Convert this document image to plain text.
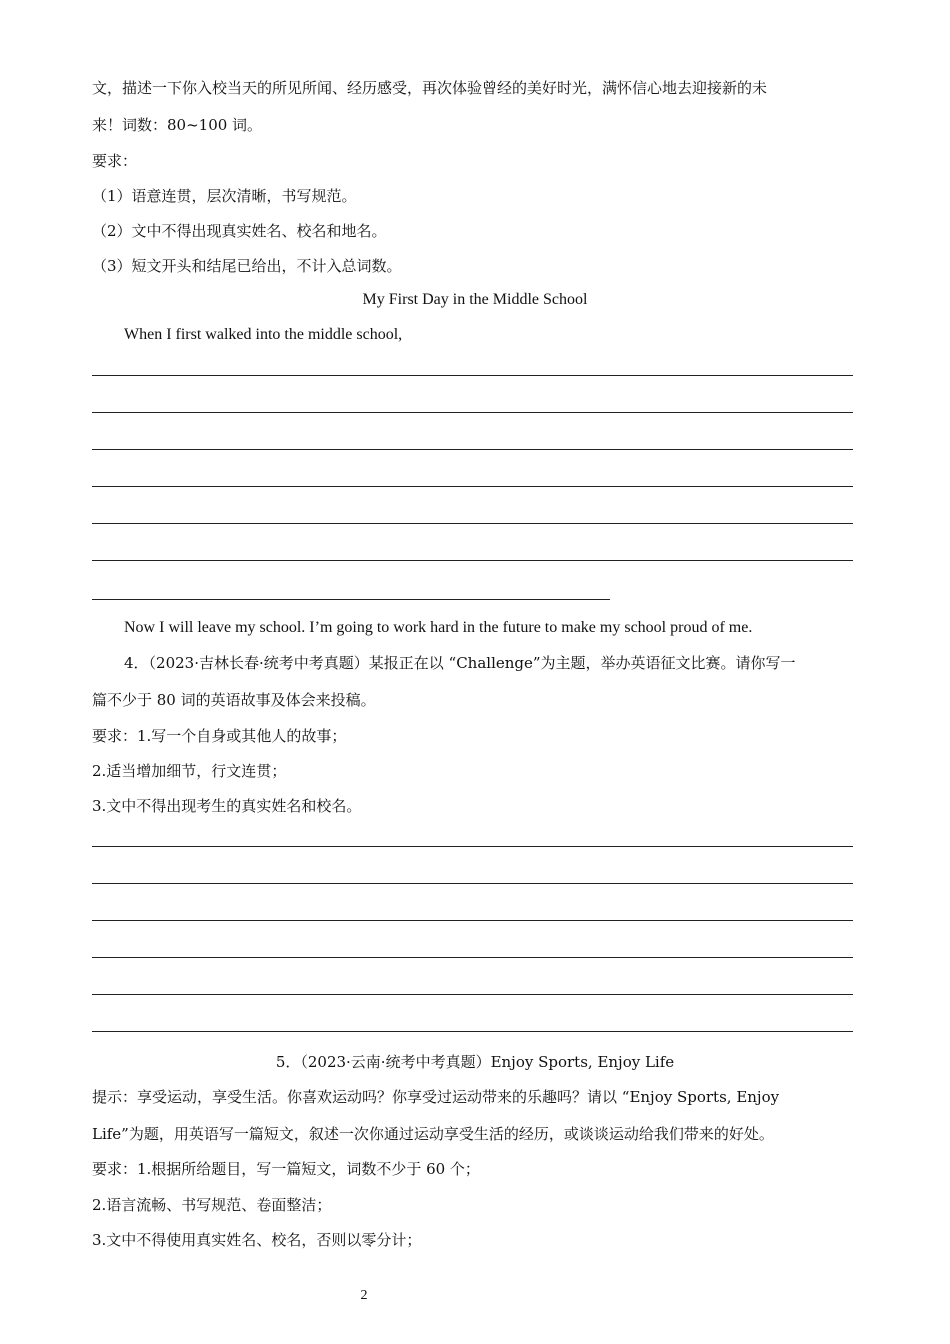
文，描述一下你入校当天的所见所闻、经历感受，再次体验曾经的美好时光，满怀信心地去迎接新的未
来！词数：80~100 词。
要求：
（1）语意连贯，层次清晰，书写规范。
（2）文中不得出现真实姓名、校名和地名。
（3）短文开头和结尾已给出，不计入总词数。
My First Day in the Middle School
When I first walked into the middle school,
Now I will leave my school. I’m going to work hard in the future to make my school proud of me.
4．（2023·吉林长春·统考中考真题）某报正在以 “Challenge”为主题，举办英语征文比赛。请你写一
篇不少于 80 词的英语故事及体会来投稿。
要求：1.写一个自身或其他人的故事；
2.适当增加细节，行文连贯；
3.文中不得出现考生的真实姓名和校名。
5．（2023·云南·统考中考真题）Enjoy Sports, Enjoy Life
提示：享受运动，享受生活。你喜欢运动吗？你享受过运动带来的乐趣吗？请以 “Enjoy Sports, Enjoy
Life”为题，用英语写一篇短文，叙述一次你通过运动享受生活的经历，或谈谈运动给我们带来的好处。
要求：1.根据所给题目，写一篇短文，词数不少于 60 个；
2.语言流畅、书写规范、卷面整洁；
3.文中不得使用真实姓名、校名，否则以零分计；
2
